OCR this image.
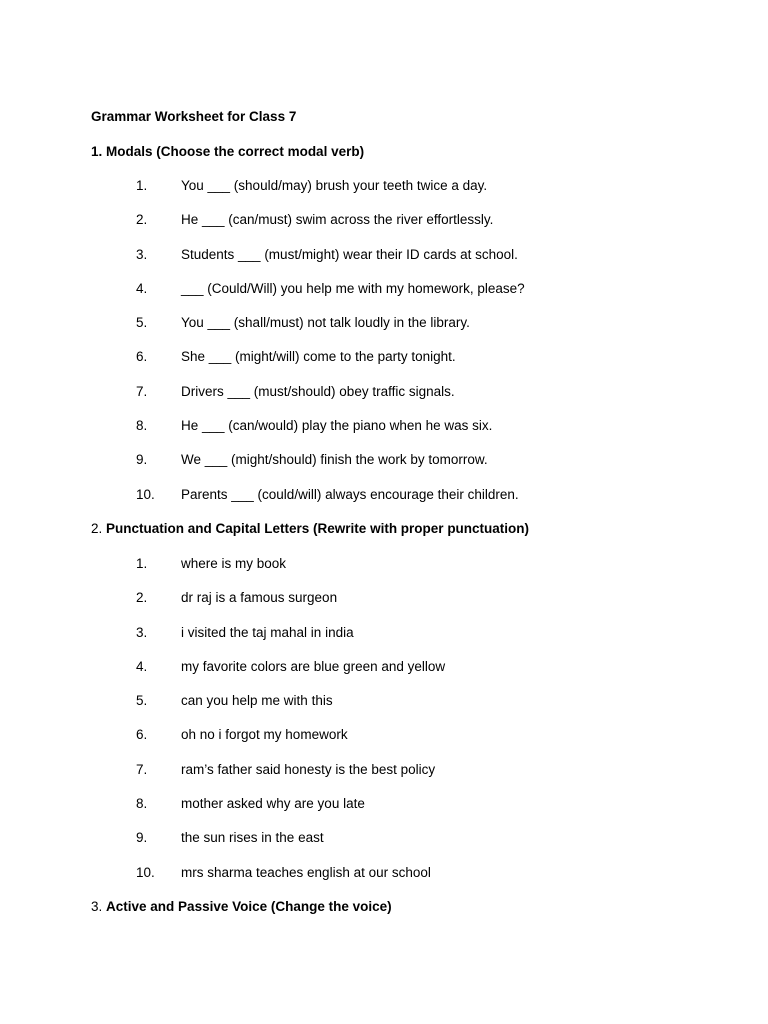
Grammar Worksheet for Class 7
1. Modals (Choose the correct modal verb)
1. You ___ (should/may) brush your teeth twice a day.
2. He ___ (can/must) swim across the river effortlessly.
3. Students ___ (must/might) wear their ID cards at school.
4. ___ (Could/Will) you help me with my homework, please?
5. You ___ (shall/must) not talk loudly in the library.
6. She ___ (might/will) come to the party tonight.
7. Drivers ___ (must/should) obey traffic signals.
8. He ___ (can/would) play the piano when he was six.
9. We ___ (might/should) finish the work by tomorrow.
10. Parents ___ (could/will) always encourage their children.
2. Punctuation and Capital Letters (Rewrite with proper punctuation)
1. where is my book
2. dr raj is a famous surgeon
3. i visited the taj mahal in india
4. my favorite colors are blue green and yellow
5. can you help me with this
6. oh no i forgot my homework
7. ram’s father said honesty is the best policy
8. mother asked why are you late
9. the sun rises in the east
10. mrs sharma teaches english at our school
3. Active and Passive Voice (Change the voice)
